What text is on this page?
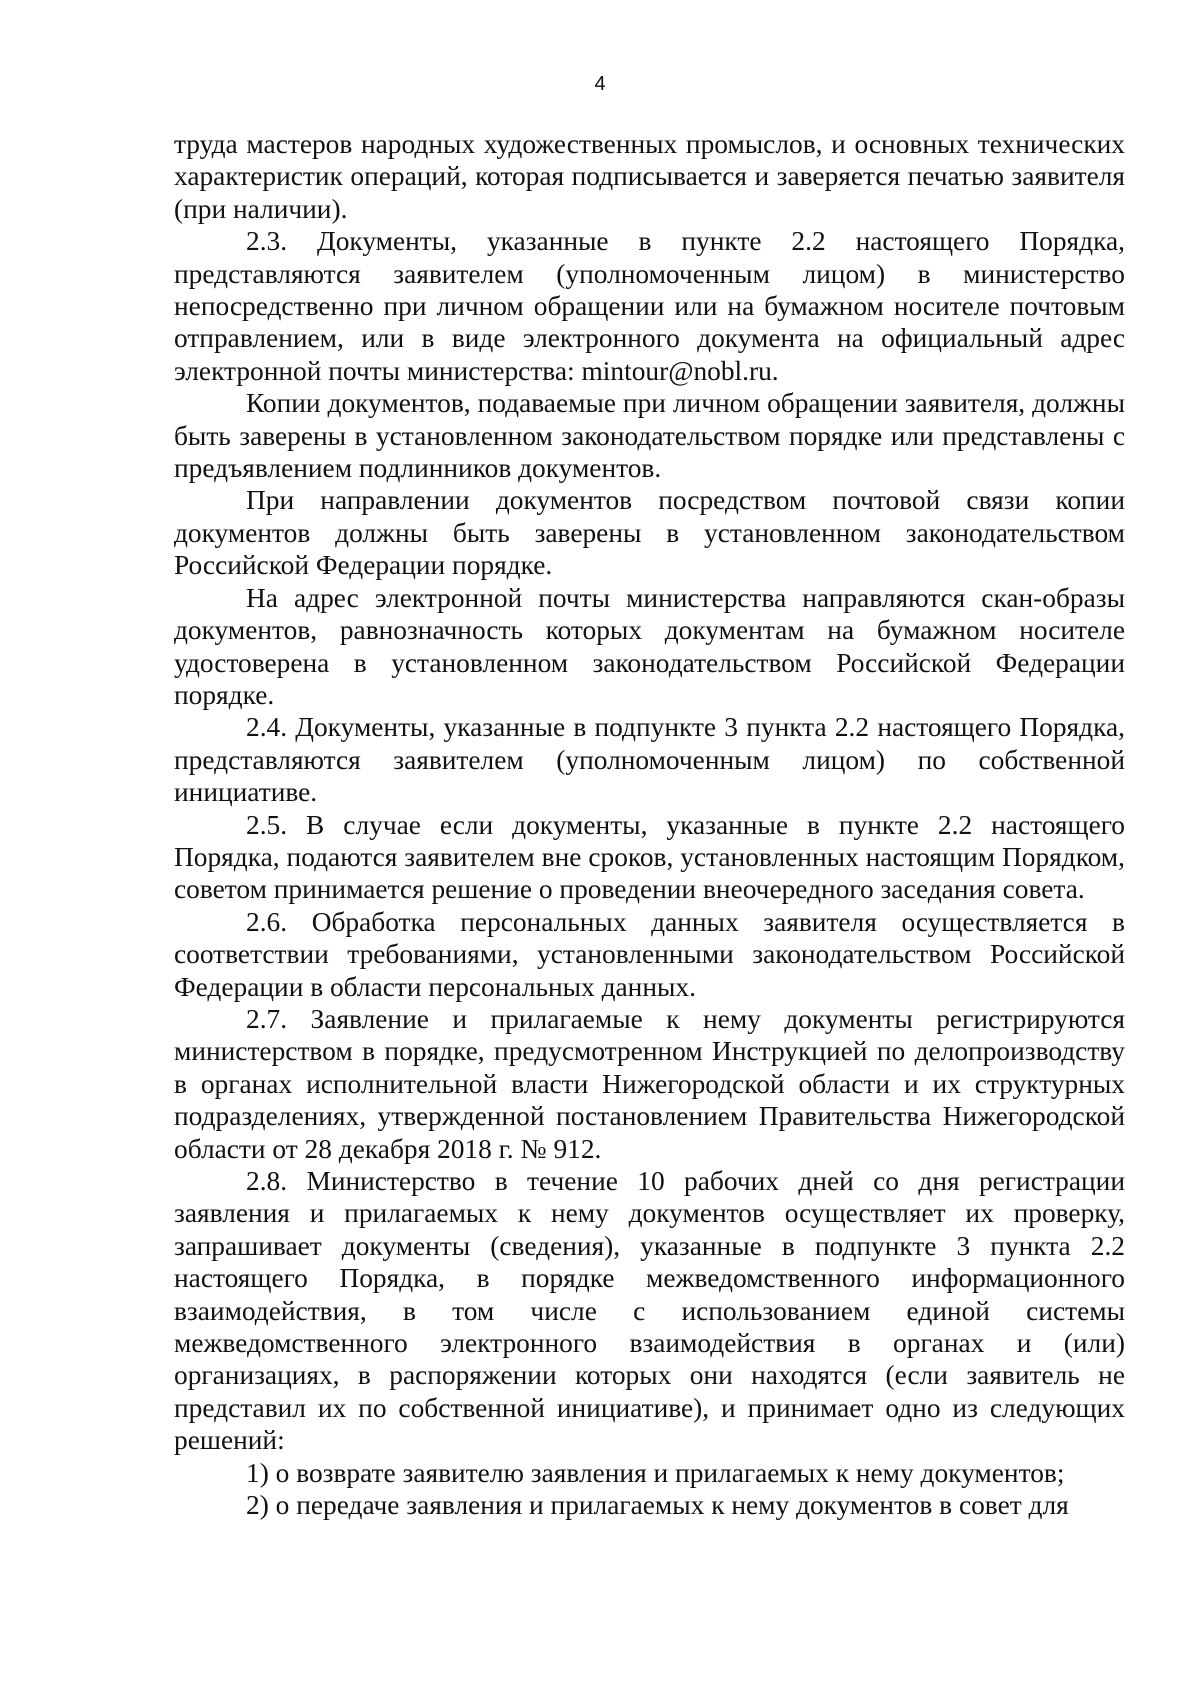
4

труда мастеров народных художественных промыслов, и основных технических характеристик операций, которая подписывается и заверяется печатью заявителя (при наличии).

2.3. Документы, указанные в пункте 2.2 настоящего Порядка, представляются заявителем (уполномоченным лицом) в министерство непосредственно при личном обращении или на бумажном носителе почтовым отправлением, или в виде электронного документа на официальный адрес электронной почты министерства: mintour@nobl.ru.

Копии документов, подаваемые при личном обращении заявителя, должны быть заверены в установленном законодательством порядке или представлены с предъявлением подлинников документов.

При направлении документов посредством почтовой связи копии документов должны быть заверены в установленном законодательством Российской Федерации порядке.

На адрес электронной почты министерства направляются скан-образы документов, равнозначность которых документам на бумажном носителе удостоверена в установленном законодательством Российской Федерации порядке.

2.4. Документы, указанные в подпункте 3 пункта 2.2 настоящего Порядка, представляются заявителем (уполномоченным лицом) по собственной инициативе.

2.5. В случае если документы, указанные в пункте 2.2 настоящего Порядка, подаются заявителем вне сроков, установленных настоящим Порядком, советом принимается решение о проведении внеочередного заседания совета.

2.6. Обработка персональных данных заявителя осуществляется в соответствии требованиями, установленными законодательством Российской Федерации в области персональных данных.

2.7. Заявление и прилагаемые к нему документы регистрируются министерством в порядке, предусмотренном Инструкцией по делопроизводству в органах исполнительной власти Нижегородской области и их структурных подразделениях, утвержденной постановлением Правительства Нижегородской области от 28 декабря 2018 г. № 912.

2.8. Министерство в течение 10 рабочих дней со дня регистрации заявления и прилагаемых к нему документов осуществляет их проверку, запрашивает документы (сведения), указанные в подпункте 3 пункта 2.2 настоящего Порядка, в порядке межведомственного информационного взаимодействия, в том числе с использованием единой системы межведомственного электронного взаимодействия в органах и (или) организациях, в распоряжении которых они находятся (если заявитель не представил их по собственной инициативе), и принимает одно из следующих решений:

1) о возврате заявителю заявления и прилагаемых к нему документов;

2) о передаче заявления и прилагаемых к нему документов в совет для
